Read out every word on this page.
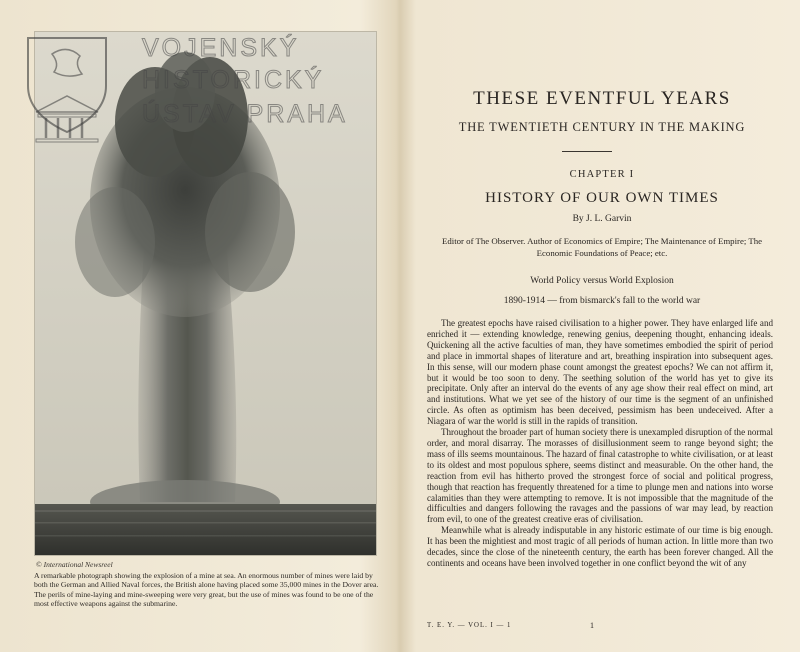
VOJENSKÝ
HISTORICKÝ
ÚSTAV PRAHA
© International Newsreel
A remarkable photograph showing the explosion of a mine at sea. An enormous number of mines were laid by both the German and Allied Naval forces, the British alone having placed some 35,000 mines in the Dover area. The perils of mine-laying and mine-sweeping were very great, but the use of mines was found to be one of the most effective weapons against the submarine.
THESE EVENTFUL YEARS
THE TWENTIETH CENTURY IN THE MAKING
CHAPTER I
HISTORY OF OUR OWN TIMES
By J. L. Garvin
Editor of The Observer. Author of Economics of Empire; The Maintenance of Empire; The Economic Foundations of Peace; etc.
World Policy versus World Explosion
1890-1914 — from bismarck's fall to the world war

The greatest epochs have raised civilisation to a higher power. They have enlarged life and enriched it — extending knowledge, renewing genius, deepening thought, enhancing ideals. Quickening all the active faculties of man, they have sometimes embodied the spirit of period and place in immortal shapes of literature and art, breathing inspiration into subsequent ages. In this sense, will our modern phase count amongst the greatest epochs? We can not affirm it, but it would be too soon to deny. The seething solution of the world has yet to give its precipitate. Only after an interval do the events of any age show their real effect on mind, art and institutions. What we yet see of the history of our time is the segment of an unfinished circle. As often as optimism has been deceived, pessimism has been undeceived. After a Niagara of war the world is still in the rapids of transition.

Throughout the broader part of human society there is unexampled disruption of the normal order, and moral disarray. The morasses of disillusionment seem to range beyond sight; the mass of ills seems mountainous. The hazard of final catastrophe to white civilisation, or at least to its oldest and most populous sphere, seems distinct and measurable. On the other hand, the reaction from evil has hitherto proved the strongest force of social and political progress, though that reaction has frequently threatened for a time to plunge men and nations into worse calamities than they were attempting to remove. It is not impossible that the magnitude of the difficulties and dangers following the ravages and the passions of war may lead, by reaction from evil, to one of the greatest creative eras of civilisation.

Meanwhile what is already indisputable in any historic estimate of our time is big enough. It has been the mightiest and most tragic of all periods of human action. In little more than two decades, since the close of the nineteenth century, the earth has been forever changed. All the continents and oceans have been involved together in one conflict beyond the wit of any

T. E. Y. — VOL. I — 1	1
